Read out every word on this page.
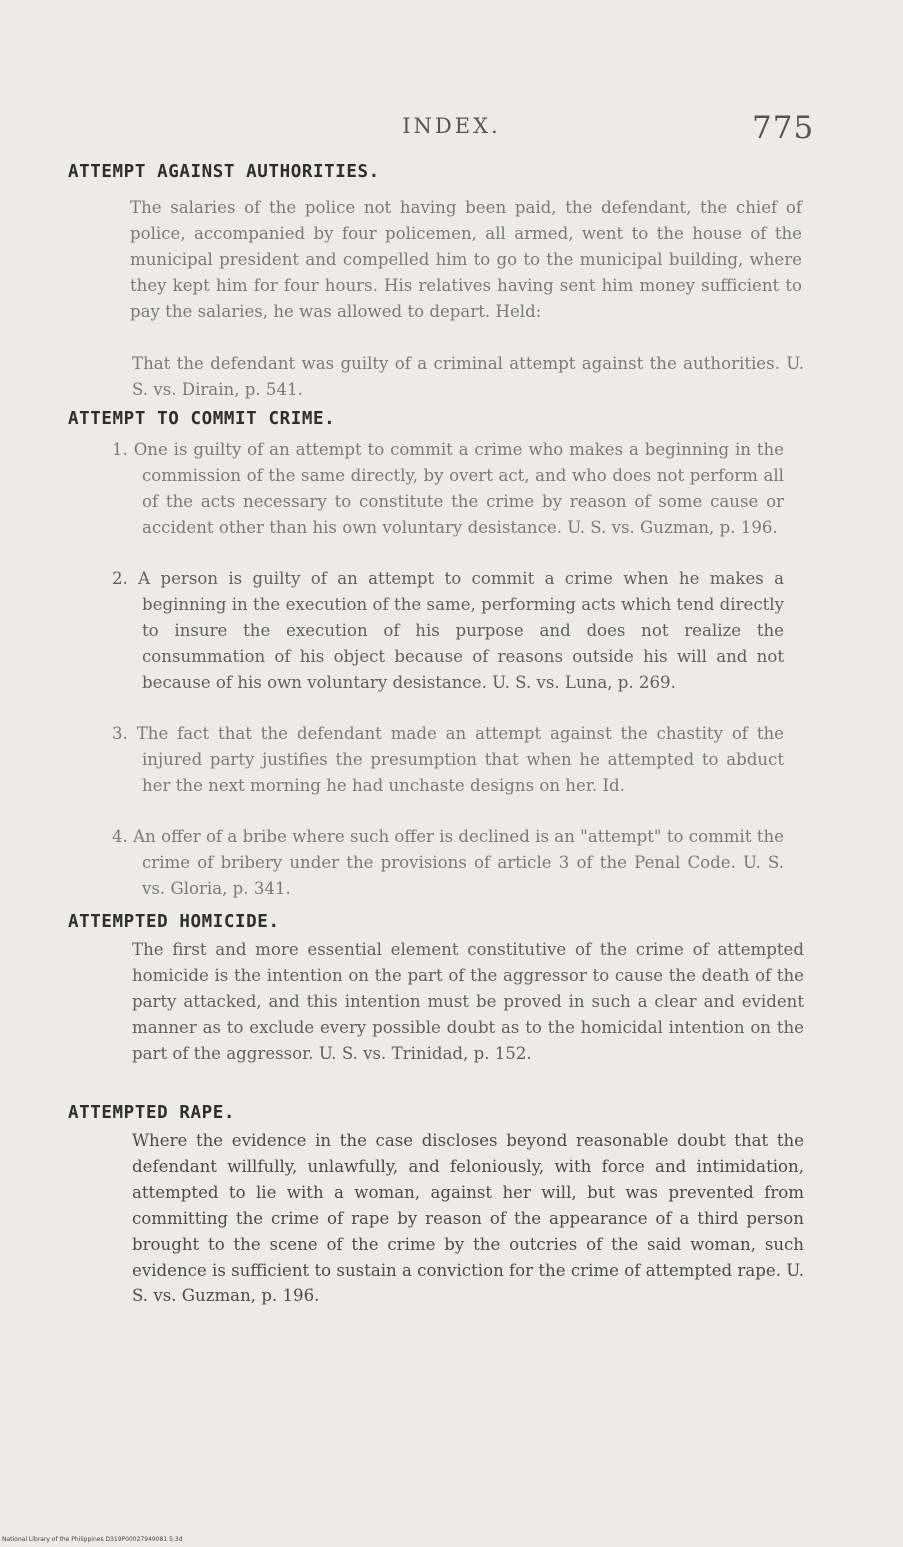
INDEX.	775
ATTEMPT AGAINST AUTHORITIES.
The salaries of the police not having been paid, the defendant, the chief of police, accompanied by four policemen, all armed, went to the house of the municipal president and compelled him to go to the municipal building, where they kept him for four hours. His relatives having sent him money sufficient to pay the salaries, he was allowed to depart. Held:
That the defendant was guilty of a criminal attempt against the authorities. U. S. vs. Dirain, p. 541.
ATTEMPT TO COMMIT CRIME.
1. One is guilty of an attempt to commit a crime who makes a beginning in the commission of the same directly, by overt act, and who does not perform all of the acts necessary to constitute the crime by reason of some cause or accident other than his own voluntary desistance. U. S. vs. Guzman, p. 196.
2. A person is guilty of an attempt to commit a crime when he makes a beginning in the execution of the same, performing acts which tend directly to insure the execution of his purpose and does not realize the consummation of his object because of reasons outside his will and not because of his own voluntary desistance. U. S. vs. Luna, p. 269.
3. The fact that the defendant made an attempt against the chastity of the injured party justifies the presumption that when he attempted to abduct her the next morning he had unchaste designs on her. Id.
4. An offer of a bribe where such offer is declined is an "attempt" to commit the crime of bribery under the provisions of article 3 of the Penal Code. U. S. vs. Gloria, p. 341.
ATTEMPTED HOMICIDE.
The first and more essential element constitutive of the crime of attempted homicide is the intention on the part of the aggressor to cause the death of the party attacked, and this intention must be proved in such a clear and evident manner as to exclude every possible doubt as to the homicidal intention on the part of the aggressor. U. S. vs. Trinidad, p. 152.
ATTEMPTED RAPE.
Where the evidence in the case discloses beyond reasonable doubt that the defendant willfully, unlawfully, and feloniously, with force and intimidation, attempted to lie with a woman, against her will, but was prevented from committing the crime of rape by reason of the appearance of a third person brought to the scene of the crime by the outcries of the said woman, such evidence is sufficient to sustain a conviction for the crime of attempted rape. U. S. vs. Guzman, p. 196.
National Library of the Philippines D319P00027949081 5:3d
